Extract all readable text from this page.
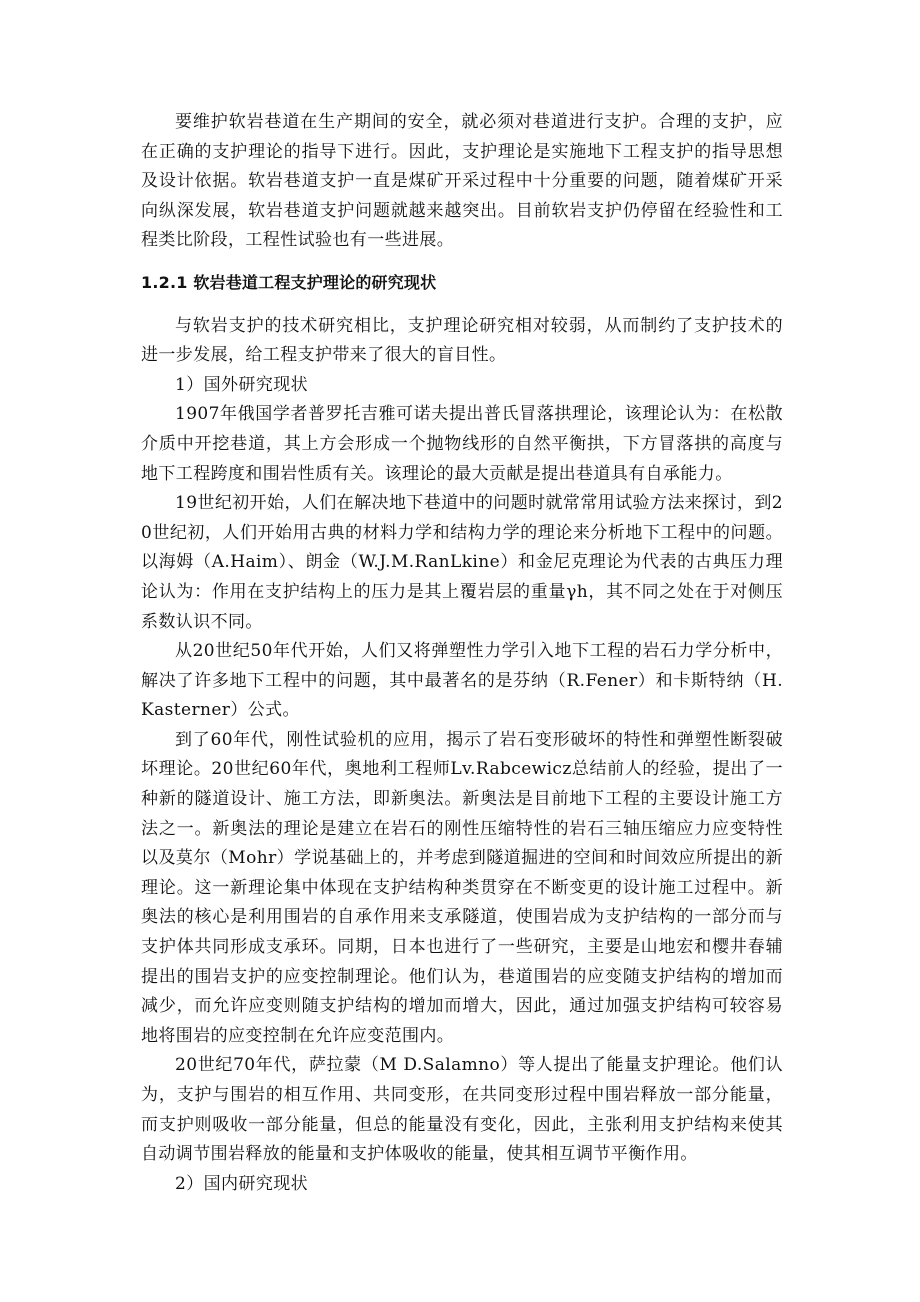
要维护软岩巷道在生产期间的安全，就必须对巷道进行支护。合理的支护，应在正确的支护理论的指导下进行。因此，支护理论是实施地下工程支护的指导思想及设计依据。软岩巷道支护一直是煤矿开采过程中十分重要的问题，随着煤矿开采向纵深发展，软岩巷道支护问题就越来越突出。目前软岩支护仍停留在经验性和工程类比阶段，工程性试验也有一些进展。

1.2.1 软岩巷道工程支护理论的研究现状

与软岩支护的技术研究相比，支护理论研究相对较弱，从而制约了支护技术的进一步发展，给工程支护带来了很大的盲目性。

1）国外研究现状

1907年俄国学者普罗托吉雅可诺夫提出普氏冒落拱理论，该理论认为：在松散介质中开挖巷道，其上方会形成一个抛物线形的自然平衡拱，下方冒落拱的高度与地下工程跨度和围岩性质有关。该理论的最大贡献是提出巷道具有自承能力。

19世纪初开始，人们在解决地下巷道中的问题时就常常用试验方法来探讨，到20世纪初，人们开始用古典的材料力学和结构力学的理论来分析地下工程中的问题。以海姆（A.Haim）、朗金（W.J.M.RanLkine）和金尼克理论为代表的古典压力理论认为：作用在支护结构上的压力是其上覆岩层的重量γh，其不同之处在于对侧压系数认识不同。

从20世纪50年代开始，人们又将弹塑性力学引入地下工程的岩石力学分析中，解决了许多地下工程中的问题，其中最著名的是芬纳（R.Fener）和卡斯特纳（H.Kasterner）公式。

到了60年代，刚性试验机的应用，揭示了岩石变形破坏的特性和弹塑性断裂破坏理论。20世纪60年代，奥地利工程师Lv.Rabcewicz总结前人的经验，提出了一种新的隧道设计、施工方法，即新奥法。新奥法是目前地下工程的主要设计施工方法之一。新奥法的理论是建立在岩石的刚性压缩特性的岩石三轴压缩应力应变特性以及莫尔（Mohr）学说基础上的，并考虑到隧道掘进的空间和时间效应所提出的新理论。这一新理论集中体现在支护结构种类贯穿在不断变更的设计施工过程中。新奥法的核心是利用围岩的自承作用来支承隧道，使围岩成为支护结构的一部分而与支护体共同形成支承环。同期，日本也进行了一些研究，主要是山地宏和樱井春辅提出的围岩支护的应变控制理论。他们认为，巷道围岩的应变随支护结构的增加而减少，而允许应变则随支护结构的增加而增大，因此，通过加强支护结构可较容易地将围岩的应变控制在允许应变范围内。

20世纪70年代，萨拉蒙（M D.Salamno）等人提出了能量支护理论。他们认为，支护与围岩的相互作用、共同变形，在共同变形过程中围岩释放一部分能量，而支护则吸收一部分能量，但总的能量没有变化，因此，主张利用支护结构来使其自动调节围岩释放的能量和支护体吸收的能量，使其相互调节平衡作用。

2）国内研究现状
